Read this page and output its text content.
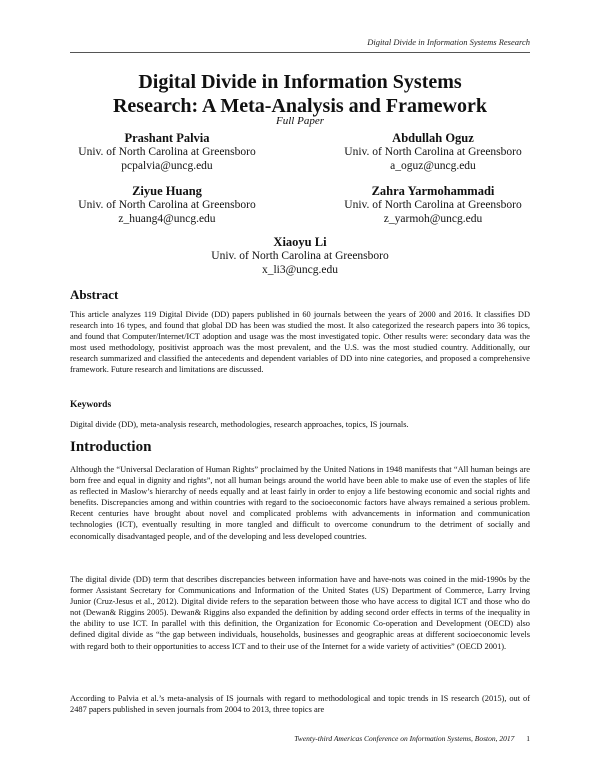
Digital Divide in Information Systems Research
Digital Divide in Information Systems
Research: A Meta-Analysis and Framework
Full Paper
Prashant Palvia
Univ. of North Carolina at Greensboro
pcpalvia@uncg.edu
Abdullah Oguz
Univ. of North Carolina at Greensboro
a_oguz@uncg.edu
Ziyue Huang
Univ. of North Carolina at Greensboro
z_huang4@uncg.edu
Zahra Yarmohammadi
Univ. of North Carolina at Greensboro
z_yarmoh@uncg.edu
Xiaoyu Li
Univ. of North Carolina at Greensboro
x_li3@uncg.edu
Abstract

This article analyzes 119 Digital Divide (DD) papers published in 60 journals between the years of 2000 and 2016. It classifies DD research into 16 types, and found that global DD has been was studied the most. It also categorized the research papers into 36 topics, and found that Computer/Internet/ICT adoption and usage was the most investigated topic. Other results were: secondary data was the most used methodology, positivist approach was the most prevalent, and the U.S. was the most studied country. Additionally, our research summarized and classified the antecedents and dependent variables of DD into nine categories, and proposed a comprehensive framework. Future research and limitations are discussed.

Keywords

Digital divide (DD), meta-analysis research, methodologies, research approaches, topics, IS journals.

Introduction

Although the “Universal Declaration of Human Rights” proclaimed by the United Nations in 1948 manifests that “All human beings are born free and equal in dignity and rights”, not all human beings around the world have been able to make use of even the staples of life as reflected in Maslow’s hierarchy of needs equally and at least fairly in order to enjoy a life bestowing economic and social rights and benefits. Discrepancies among and within countries with regard to the socioeconomic factors have always remained a serious problem. Recent centuries have brought about novel and complicated problems with advancements in information and communication technologies (ICT), eventually resulting in more tangled and difficult to overcome conundrum to the detriment of socially and economically disadvantaged people, and of the developing and less developed countries.

The digital divide (DD) term that describes discrepancies between information have and have-nots was coined in the mid-1990s by the former Assistant Secretary for Communications and Information of the United States (US) Department of Commerce, Larry Irving Junior (Cruz-Jesus et al., 2012). Digital divide refers to the separation between those who have access to digital ICT and those who do not (Dewan& Riggins 2005). Dewan& Riggins also expanded the definition by adding second order effects in terms of the inequality in the ability to use ICT. In parallel with this definition, the Organization for Economic Co-operation and Development (OECD) also defined digital divide as “the gap between individuals, households, businesses and geographic areas at different socioeconomic levels with regard both to their opportunities to access ICT and to their use of the Internet for a wide variety of activities” (OECD 2001).

According to Palvia et al.’s meta-analysis of IS journals with regard to methodological and topic trends in IS research (2015), out of 2487 papers published in seven journals from 2004 to 2013, three topics are

Twenty-third Americas Conference on Information Systems, Boston, 2017 1
